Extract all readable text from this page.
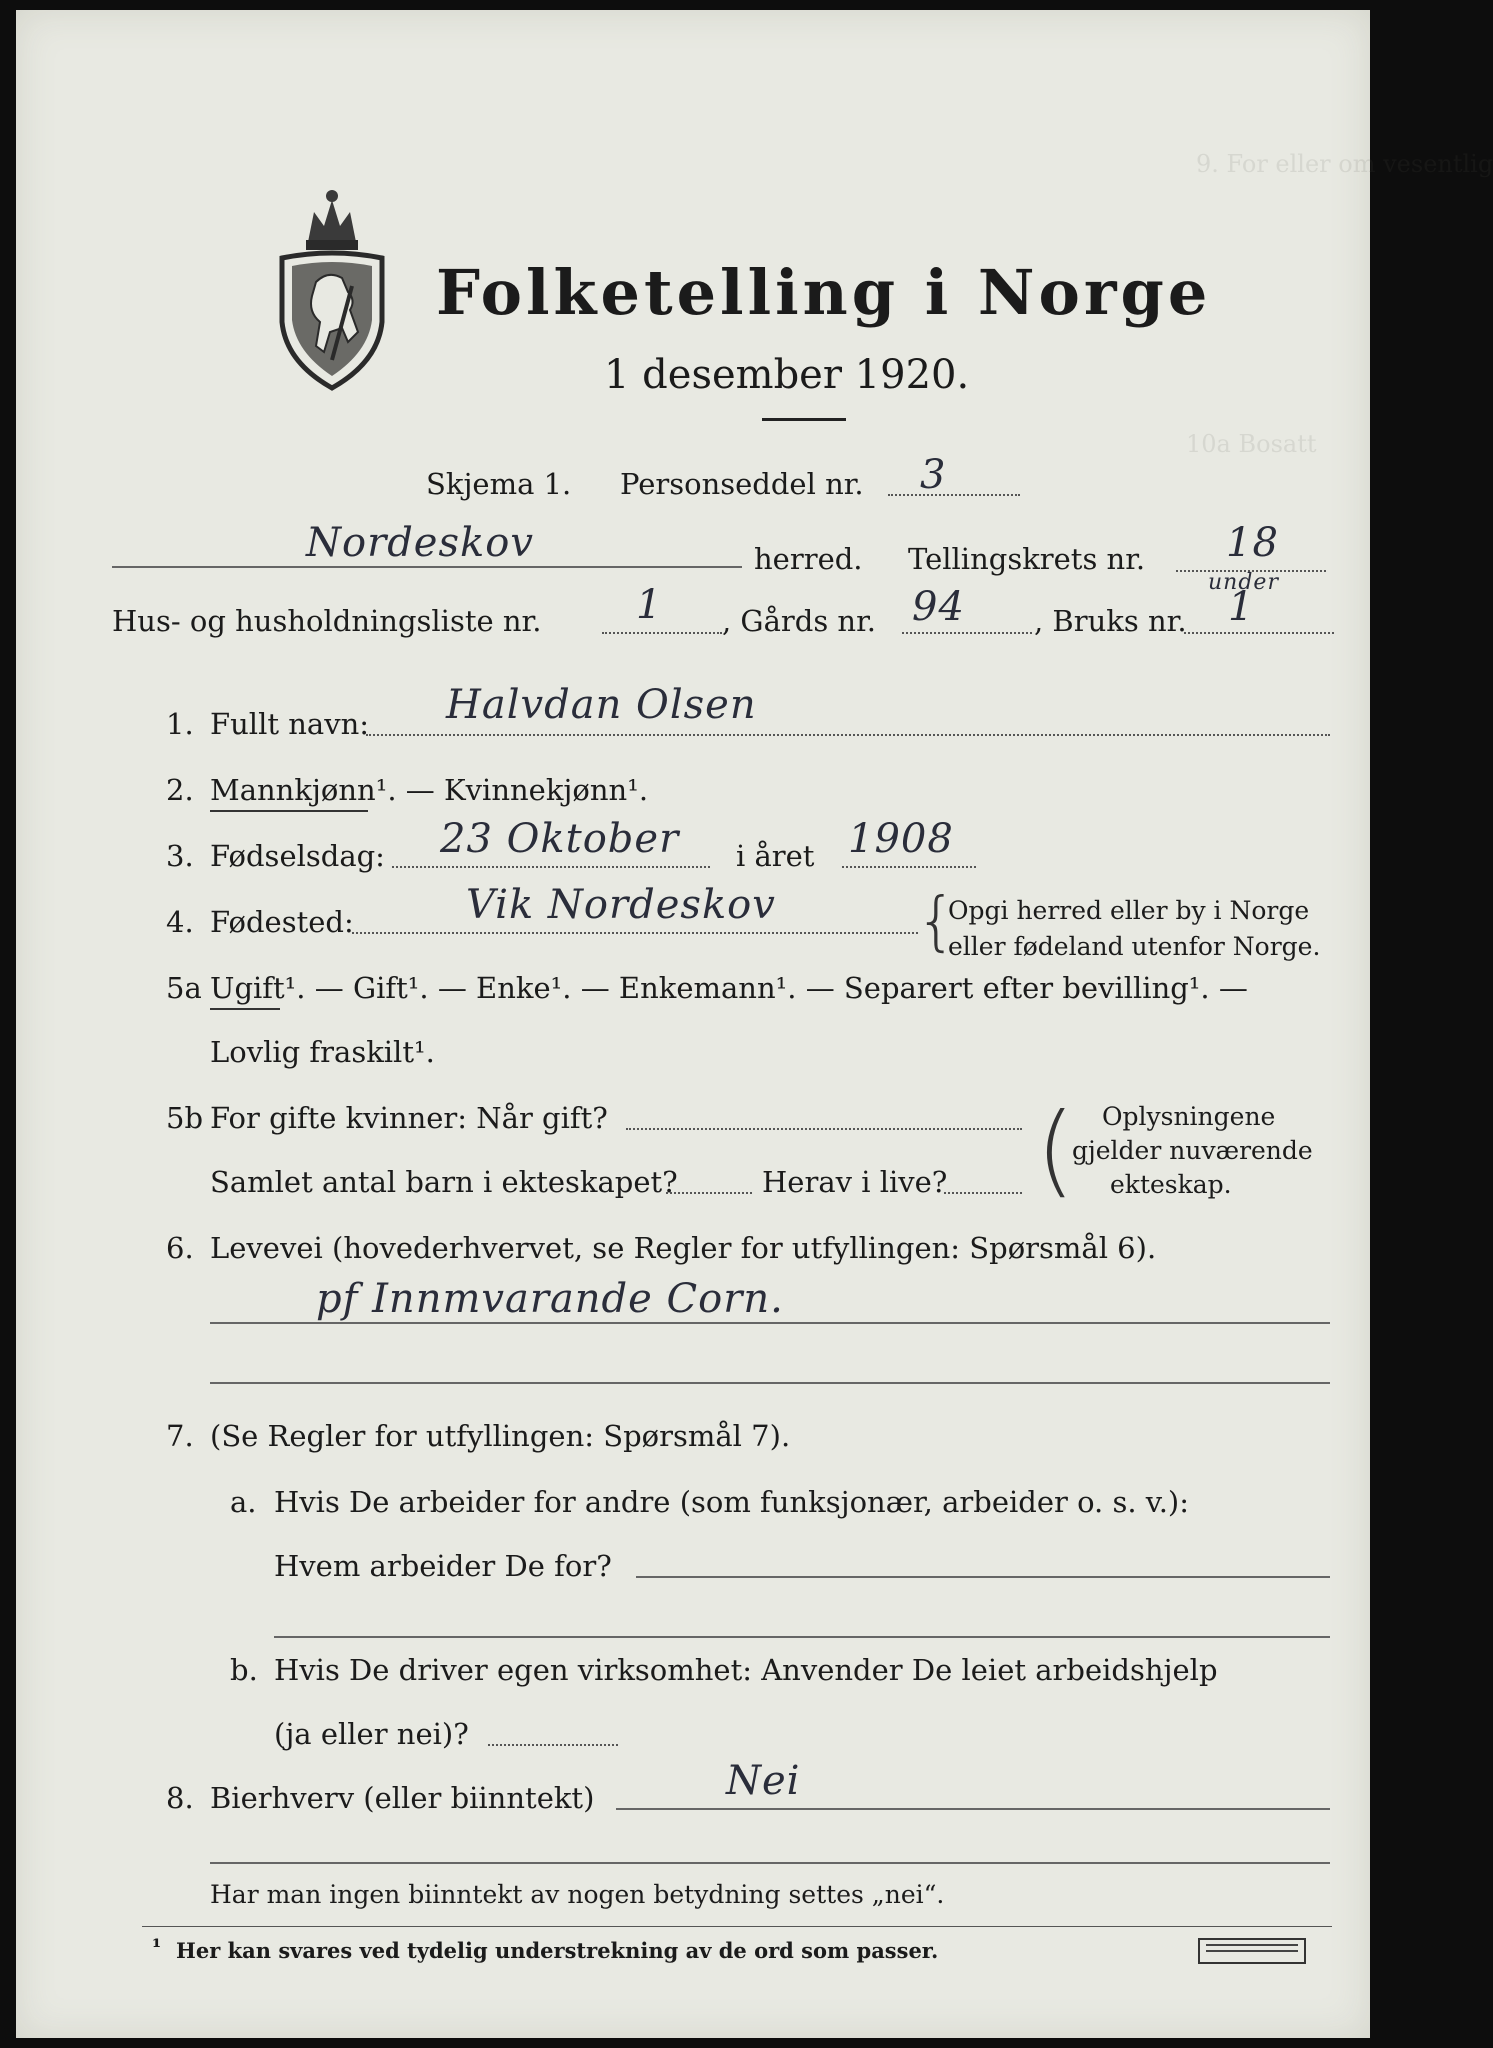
9. For eller om vesentlig
10a Bosatt
Folketelling i Norge
1 desember 1920.
Skjema 1. Personseddel nr. 3
Nordeskov	herred. Tellingskrets nr. 18
Hus- og husholdningsliste nr. 1 , Gårds nr. 94 , Bruks nr. 1
under
1. Fullt navn: Halvdan Olsen
2. Mannkjønn¹. — Kvinnekjønn¹.
3. Fødselsdag: 23 Oktober i året 1908
4. Fødested:	Vik Nordeskov {
Opgi herred eller by i Norge
eller fødeland utenfor Norge.
5a Ugift¹. — Gift¹. — Enke¹. — Enkemann¹. — Separert efter bevilling¹. —
Lovlig fraskilt¹.
5b For gifte kvinner: Når gift?
Samlet antal barn i ekteskapet?	Herav i live? ( Oplysningene
gjelder nuværende
ekteskap.
6. Levevei (hovederhvervet, se Regler for utfyllingen: Spørsmål 6).
pf Innmvarande Corn.
7. (Se Regler for utfyllingen: Spørsmål 7).
a. Hvis De arbeider for andre (som funksjonær, arbeider o. s. v.):
Hvem arbeider De for?
b. Hvis De driver egen virksomhet: Anvender De leiet arbeidshjelp
(ja eller nei)?
8. Bierhverv (eller biinntekt)	Nei
Har man ingen biinntekt av nogen betydning settes „nei“.
¹ Her kan svares ved tydelig understrekning av de ord som passer.
